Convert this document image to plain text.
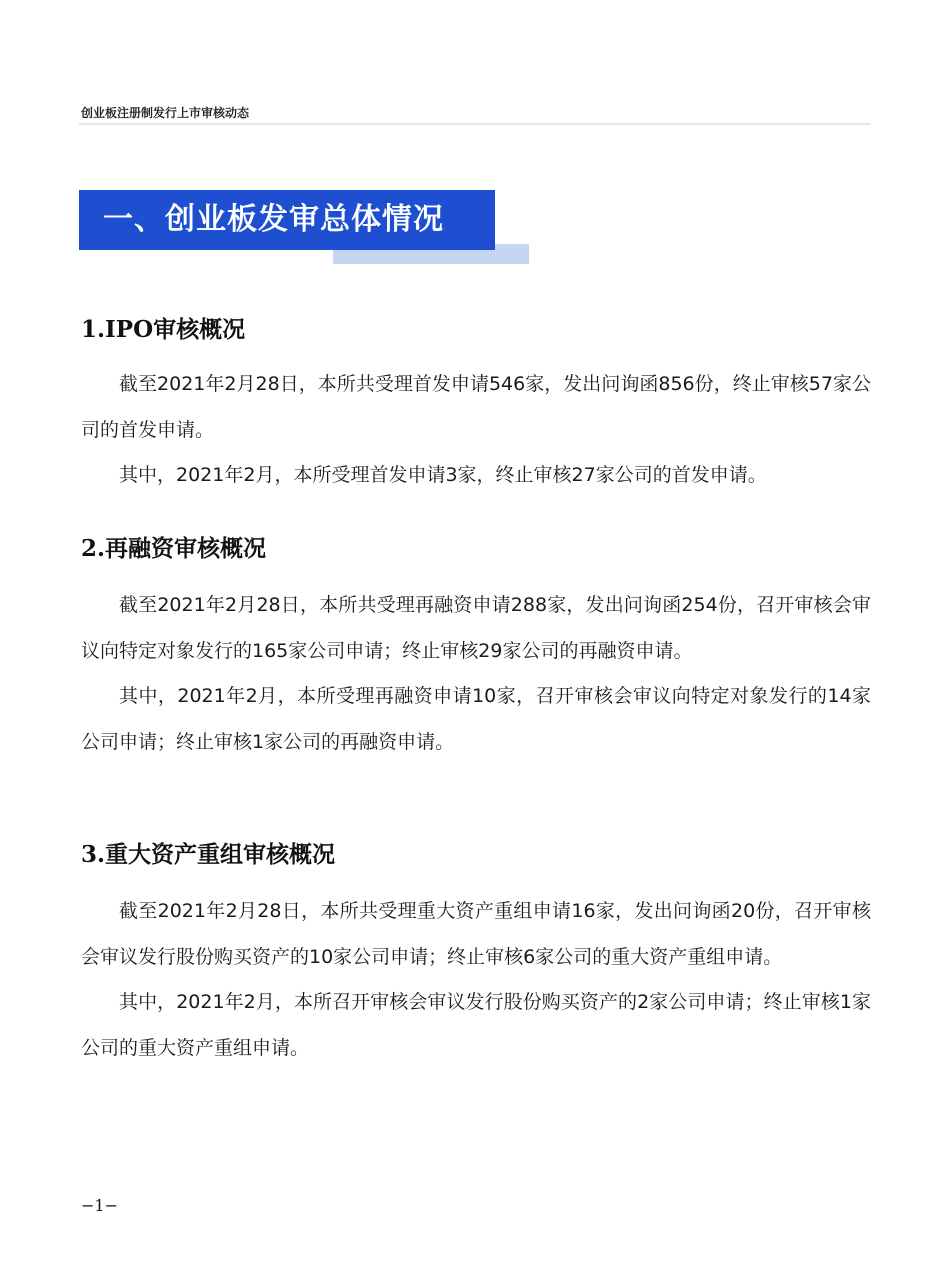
创业板注册制发行上市审核动态
一、创业板发审总体情况
1.IPO审核概况

截至2021年2月28日，本所共受理首发申请546家，发出问询函856份，终止审核57家公司的首发申请。

其中，2021年2月，本所受理首发申请3家，终止审核27家公司的首发申请。

2.再融资审核概况

截至2021年2月28日，本所共受理再融资申请288家，发出问询函254份，召开审核会审议向特定对象发行的165家公司申请；终止审核29家公司的再融资申请。

其中，2021年2月，本所受理再融资申请10家，召开审核会审议向特定对象发行的14家公司申请；终止审核1家公司的再融资申请。

3.重大资产重组审核概况

截至2021年2月28日，本所共受理重大资产重组申请16家，发出问询函20份，召开审核会审议发行股份购买资产的10家公司申请；终止审核6家公司的重大资产重组申请。

其中，2021年2月，本所召开审核会审议发行股份购买资产的2家公司申请；终止审核1家公司的重大资产重组申请。

−1−
